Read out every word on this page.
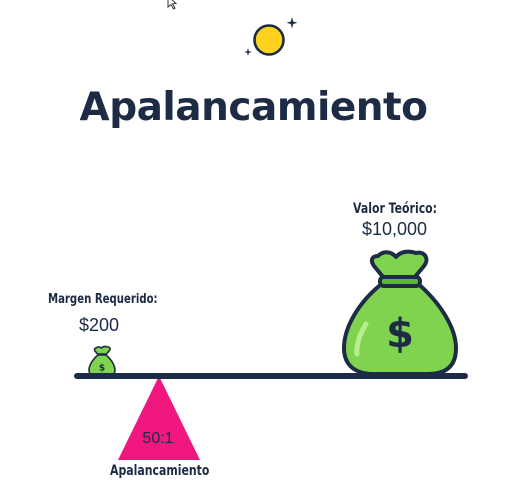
Apalancamiento
Valor Teórico:
$10,000
Margen Requerido:
$200	$
$
50:1
Apalancamiento
